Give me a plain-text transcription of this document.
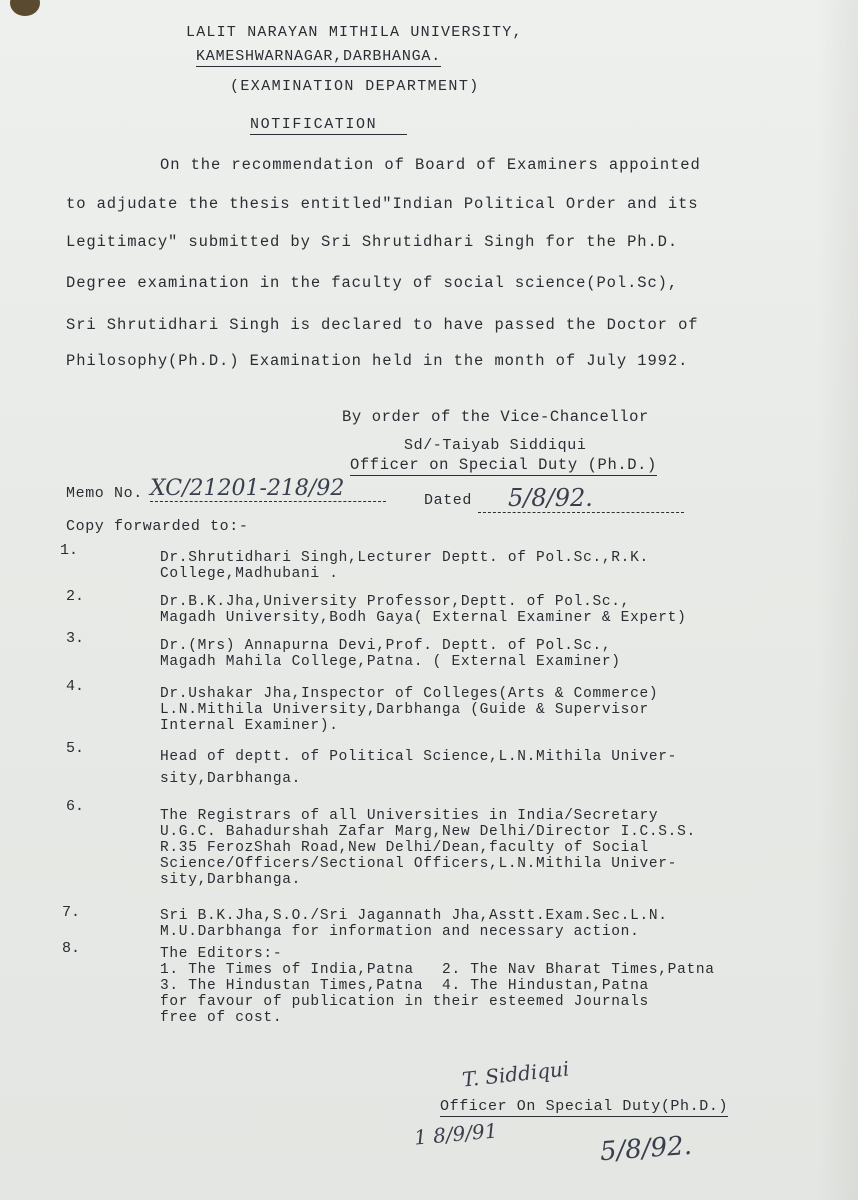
LALIT NARAYAN MITHILA UNIVERSITY,
KAMESHWARNAGAR,DARBHANGA.
(EXAMINATION DEPARTMENT)
NOTIFICATION
On the recommendation of Board of Examiners appointed
to adjudate the thesis entitled"Indian Political Order and its
Legitimacy" submitted by Sri Shrutidhari Singh for the Ph.D.
Degree examination in the faculty of social science(Pol.Sc),
Sri Shrutidhari Singh is declared to have passed the Doctor of
Philosophy(Ph.D.) Examination held in the month of July 1992.
By order of the Vice-Chancellor
Sd/-Taiyab Siddiqui
Officer on Special Duty (Ph.D.)
Memo No. XC/21201-218/92	Dated	5/8/92.
Copy forwarded to:-
1.	Dr.Shrutidhari Singh,Lecturer Deptt. of Pol.Sc.,R.K.
College,Madhubani .
2.	Dr.B.K.Jha,University Professor,Deptt. of Pol.Sc.,
Magadh University,Bodh Gaya( External Examiner & Expert)
3.	Dr.(Mrs) Annapurna Devi,Prof. Deptt. of Pol.Sc.,
Magadh Mahila College,Patna. ( External Examiner)
4.	Dr.Ushakar Jha,Inspector of Colleges(Arts & Commerce)
L.N.Mithila University,Darbhanga (Guide & Supervisor
Internal Examiner).
5.	Head of deptt. of Political Science,L.N.Mithila Univer-
sity,Darbhanga.
6.
The Registrars of all Universities in India/Secretary
U.G.C. Bahadurshah Zafar Marg,New Delhi/Director I.C.S.S.
R.35 FerozShah Road,New Delhi/Dean,faculty of Social
Science/Officers/Sectional Officers,L.N.Mithila Univer-
sity,Darbhanga.
7.	Sri B.K.Jha,S.O./Sri Jagannath Jha,Asstt.Exam.Sec.L.N.
M.U.Darbhanga for information and necessary action.
8.	The Editors:-
1. The Times of India,Patna   2. The Nav Bharat Times,Patna
3. The Hindustan Times,Patna  4. The Hindustan,Patna
for favour of publication in their esteemed Journals
free of cost.
T. Siddiqui
Officer On Special Duty(Ph.D.)
5/8/92.
1 8/9/91
